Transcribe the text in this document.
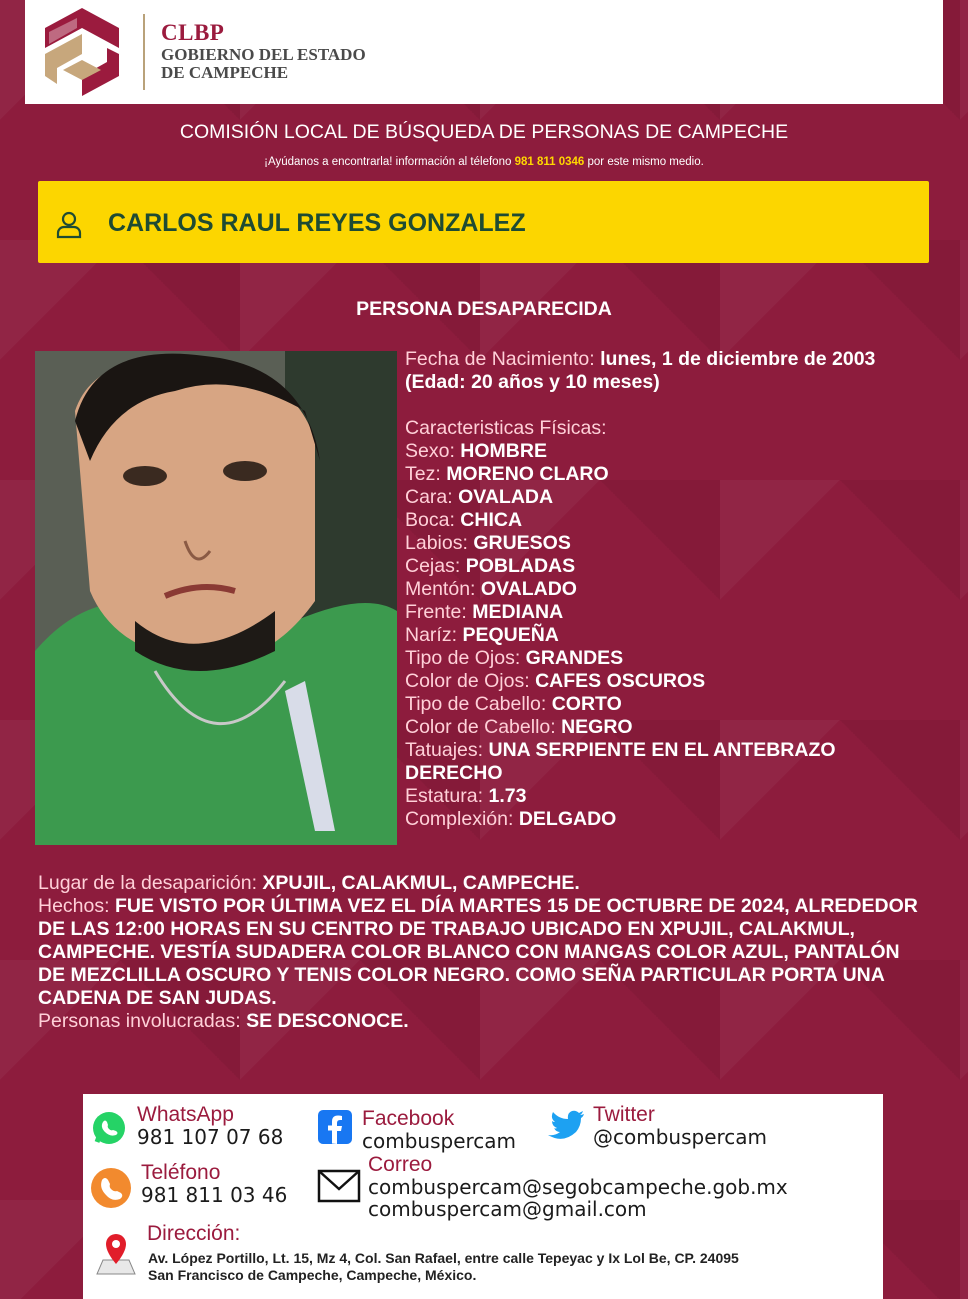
CLBP
GOBIERNO DEL ESTADO
DE CAMPECHE
COMISIÓN LOCAL DE BÚSQUEDA DE PERSONAS DE CAMPECHE
¡Ayúdanos a encontrarla! información al télefono 981 811 0346 por este mismo medio.
CARLOS RAUL REYES GONZALEZ
PERSONA DESAPARECIDA
Fecha de Nacimiento: lunes, 1 de diciembre de 2003
(Edad: 20 años y 10 meses)
Caracteristicas Físicas:
Sexo: HOMBRE
Tez: MORENO CLARO
Cara: OVALADA
Boca: CHICA
Labios: GRUESOS
Cejas: POBLADAS
Mentón: OVALADO
Frente: MEDIANA
Naríz: PEQUEÑA
Tipo de Ojos: GRANDES
Color de Ojos: CAFES OSCUROS
Tipo de Cabello: CORTO
Color de Cabello: NEGRO
Tatuajes: UNA SERPIENTE EN EL ANTEBRAZO DERECHO
Estatura: 1.73
Complexión: DELGADO
Lugar de la desaparición: XPUJIL, CALAKMUL, CAMPECHE.
Hechos: FUE VISTO POR ÚLTIMA VEZ EL DÍA MARTES 15 DE OCTUBRE DE 2024, ALREDEDOR DE LAS 12:00 HORAS EN SU CENTRO DE TRABAJO UBICADO EN XPUJIL, CALAKMUL, CAMPECHE. VESTÍA SUDADERA COLOR BLANCO CON MANGAS COLOR AZUL, PANTALÓN DE MEZCLILLA OSCURO Y TENIS COLOR NEGRO. COMO SEÑA PARTICULAR PORTA UNA CADENA DE SAN JUDAS.
Personas involucradas: SE DESCONOCE.
WhatsApp
981 107 07 68
Facebook
combuspercam
Twitter
@combuspercam
Teléfono
981 811 03 46
Correo
combuspercam@segobcampeche.gob.mx
combuspercam@gmail.com
Dirección:
Av. López Portillo, Lt. 15, Mz 4, Col. San Rafael, entre calle Tepeyac y Ix Lol Be, CP. 24095
San Francisco de Campeche, Campeche, México.
